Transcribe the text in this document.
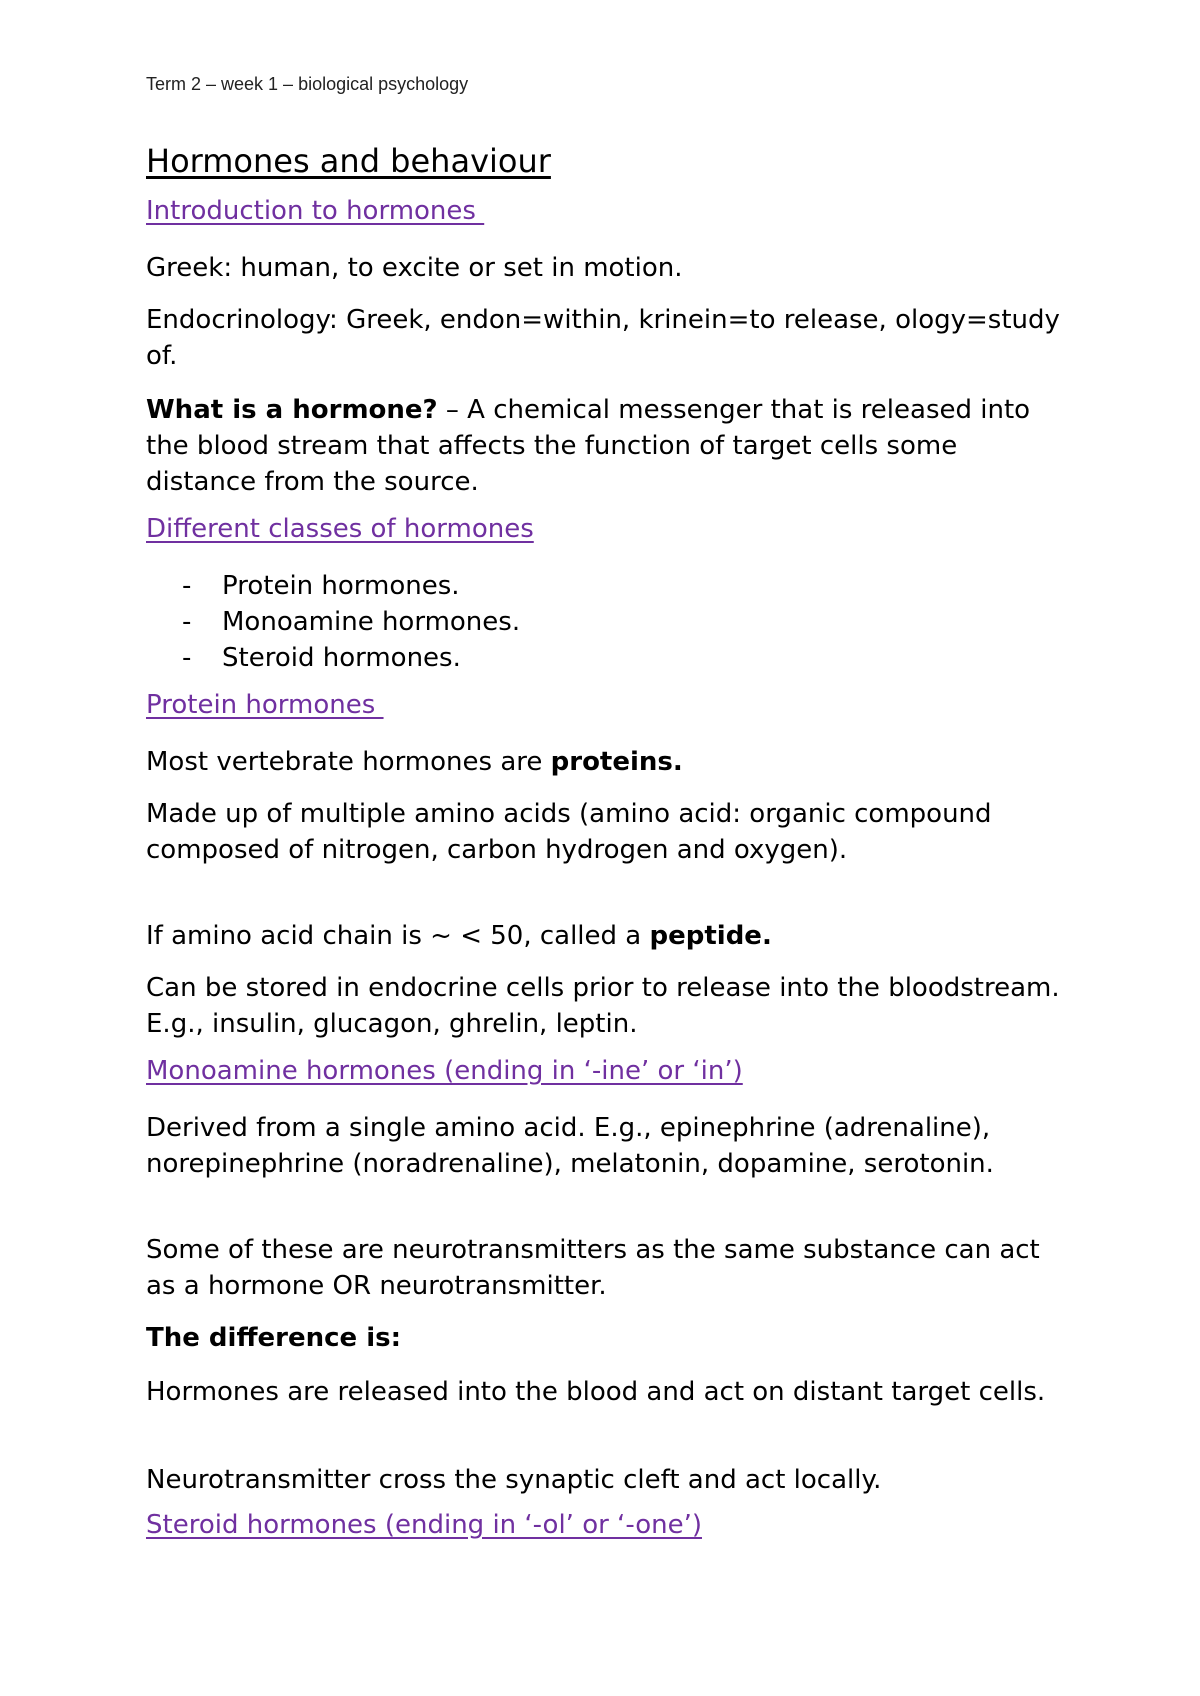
Term 2 – week 1 – biological psychology
Hormones and behaviour
Introduction to hormones
Greek: human, to excite or set in motion.
Endocrinology: Greek, endon=within, krinein=to release, ology=study of.
What is a hormone? – A chemical messenger that is released into the blood stream that affects the function of target cells some distance from the source.
Different classes of hormones
-	Protein hormones.
-	Monoamine hormones.
-	Steroid hormones.
Protein hormones
Most vertebrate hormones are proteins.
Made up of multiple amino acids (amino acid: organic compound composed of nitrogen, carbon hydrogen and oxygen).
If amino acid chain is ~ < 50, called a peptide.
Can be stored in endocrine cells prior to release into the bloodstream. E.g., insulin, glucagon, ghrelin, leptin.
Monoamine hormones (ending in ‘-ine’ or ‘in’)
Derived from a single amino acid. E.g., epinephrine (adrenaline), norepinephrine (noradrenaline), melatonin, dopamine, serotonin.
Some of these are neurotransmitters as the same substance can act as a hormone OR neurotransmitter.
The difference is:
Hormones are released into the blood and act on distant target cells.
Neurotransmitter cross the synaptic cleft and act locally.
Steroid hormones (ending in ‘-ol’ or ‘-one’)
